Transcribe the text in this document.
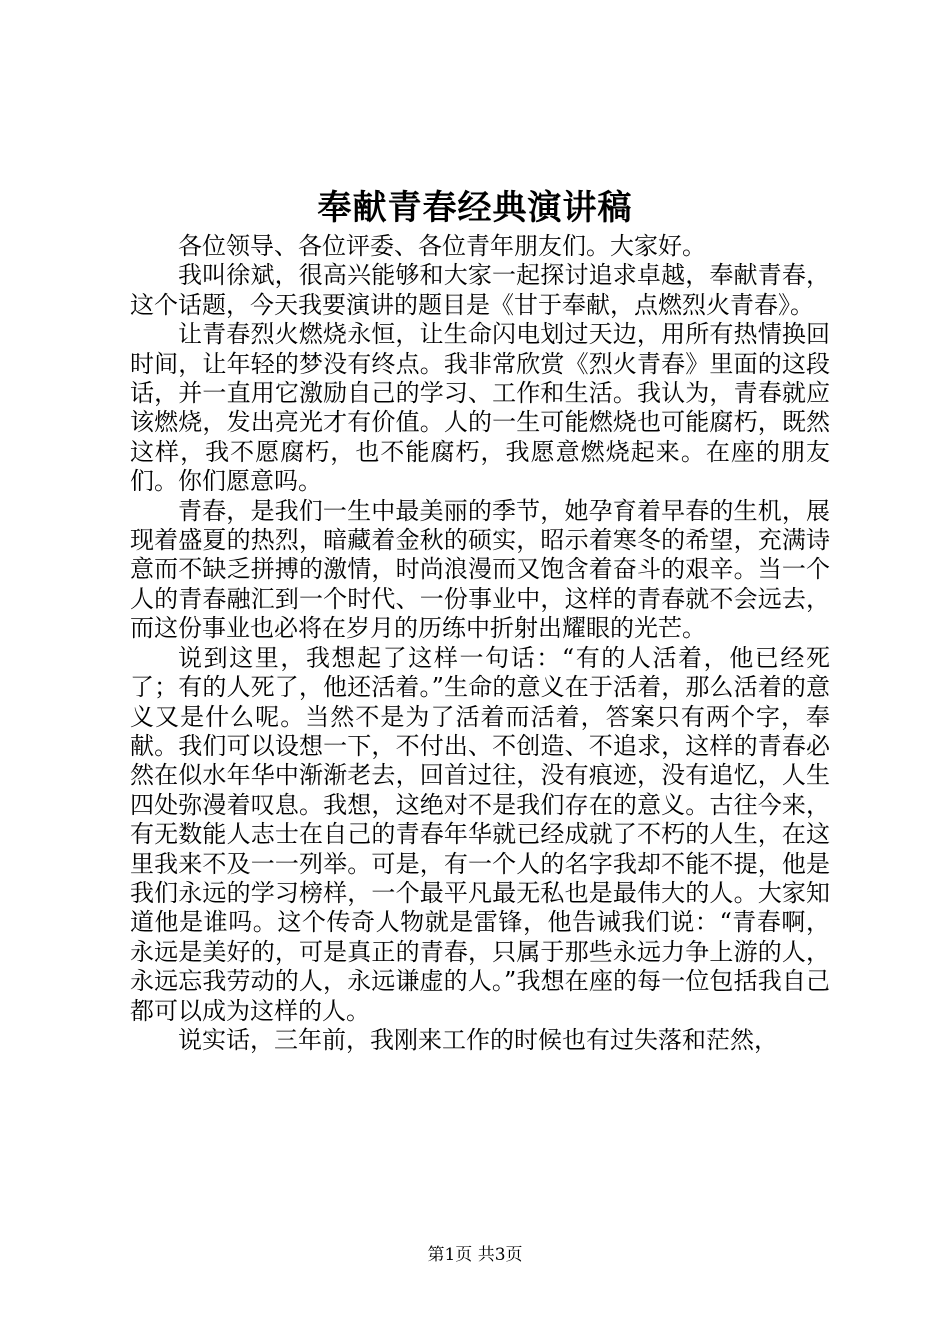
奉献青春经典演讲稿

各位领导、各位评委、各位青年朋友们。大家好。

我叫徐斌，很高兴能够和大家一起探讨追求卓越，奉献青春，这个话题，今天我要演讲的题目是《甘于奉献，点燃烈火青春》。

让青春烈火燃烧永恒，让生命闪电划过天边，用所有热情换回时间，让年轻的梦没有终点。我非常欣赏《烈火青春》里面的这段话，并一直用它激励自己的学习、工作和生活。我认为，青春就应该燃烧，发出亮光才有价值。人的一生可能燃烧也可能腐朽，既然这样，我不愿腐朽，也不能腐朽，我愿意燃烧起来。在座的朋友们。你们愿意吗。

青春，是我们一生中最美丽的季节，她孕育着早春的生机，展现着盛夏的热烈，暗藏着金秋的硕实，昭示着寒冬的希望，充满诗意而不缺乏拼搏的激情，时尚浪漫而又饱含着奋斗的艰辛。当一个人的青春融汇到一个时代、一份事业中，这样的青春就不会远去，而这份事业也必将在岁月的历练中折射出耀眼的光芒。

说到这里，我想起了这样一句话：“有的人活着，他已经死了；有的人死了，他还活着。”生命的意义在于活着，那么活着的意义又是什么呢。当然不是为了活着而活着，答案只有两个字，奉献。我们可以设想一下，不付出、不创造、不追求，这样的青春必然在似水年华中渐渐老去，回首过往，没有痕迹，没有追忆，人生四处弥漫着叹息。我想，这绝对不是我们存在的意义。古往今来，有无数能人志士在自己的青春年华就已经成就了不朽的人生，在这里我来不及一一列举。可是，有一个人的名字我却不能不提，他是我们永远的学习榜样，一个最平凡最无私也是最伟大的人。大家知道他是谁吗。这个传奇人物就是雷锋，他告诫我们说：“青春啊，永远是美好的，可是真正的青春，只属于那些永远力争上游的人，永远忘我劳动的人，永远谦虚的人。”我想在座的每一位包括我自己都可以成为这样的人。

说实话，三年前，我刚来工作的时候也有过失落和茫然，

第1页 共3页
